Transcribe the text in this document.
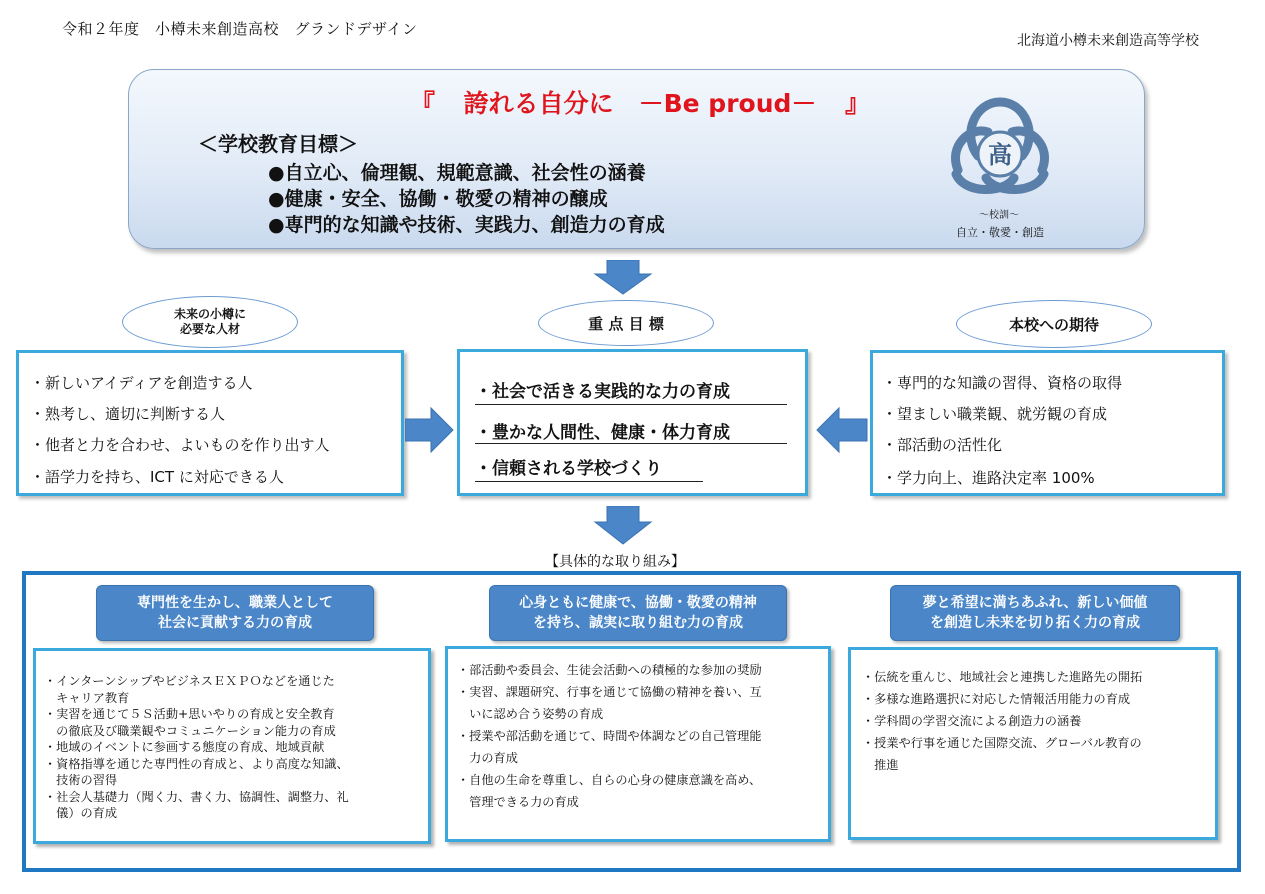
令和２年度　小樽未来創造高校　グランドデザイン
北海道小樽未来創造高等学校
『 誇れる自分に　－Be proud－ 』
＜学校教育目標＞
●自立心、倫理観、規範意識、社会性の涵養
●健康・安全、協働・敬愛の精神の醸成
●専門的な知識や技術、実践力、創造力の育成
高
～校訓～
自立・敬愛・創造
未来の小樽に
必要な人材	重 点 目 標	本校への期待
・新しいアイディアを創造する人
・熟考し、適切に判断する人
・他者と力を合わせ、よいものを作り出す人
・語学力を持ち、ICT に対応できる人
・社会で活きる実践的な力の育成
・豊かな人間性、健康・体力育成
・信頼される学校づくり
・専門的な知識の習得、資格の取得
・望ましい職業観、就労観の育成
・部活動の活性化
・学力向上、進路決定率 100%
【具体的な取り組み】
専門性を生かし、職業人として
社会に貢献する力の育成
・インターンシップやビジネスＥＸＰＯなどを通じた
　キャリア教育
・実習を通じて５Ｓ活動+思いやりの育成と安全教育
　の徹底及び職業観やコミュニケーション能力の育成
・地域のイベントに参画する態度の育成、地域貢献
・資格指導を通じた専門性の育成と、より高度な知識、
　技術の習得
・社会人基礎力（聞く力、書く力、協調性、調整力、礼
　儀）の育成
心身ともに健康で、協働・敬愛の精神
を持ち、誠実に取り組む力の育成
・部活動や委員会、生徒会活動への積極的な参加の奨励
・実習、課題研究、行事を通じて協働の精神を養い、互
　いに認め合う姿勢の育成
・授業や部活動を通じて、時間や体調などの自己管理能
　力の育成
・自他の生命を尊重し、自らの心身の健康意識を高め、
　管理できる力の育成
夢と希望に満ちあふれ、新しい価値
を創造し未来を切り拓く力の育成
・伝統を重んじ、地域社会と連携した進路先の開拓
・多様な進路選択に対応した情報活用能力の育成
・学科間の学習交流による創造力の涵養
・授業や行事を通じた国際交流、グローバル教育の
　推進
